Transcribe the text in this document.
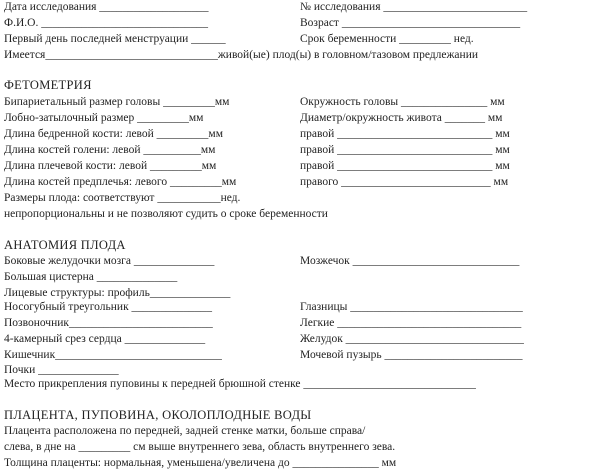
Дата исследования ___________________	№ исследования _________________________
Ф.И.О. _____________________________	Возраст _______________________________
Первый день последней менструации ______	Срок беременности _________ нед.
Имеется______________________________живой(ые) плод(ы) в головном/тазовом предлежании
ФЕТОМЕТРИЯ
Бипариетальный размер головы _________мм	Окружность головы _______________ мм
Лобно-затылочный размер _________мм	Диаметр/окружность живота _______ мм
Длина бедренной кости: левой _________мм	правой ___________________________ мм
Длина костей голени: левой __________мм	правой ___________________________ мм
Длина плечевой кости: левой _________мм	правой ___________________________ мм
Длина костей предплечья: левого _________мм	правого __________________________ мм
Размеры плода: соответствуют ___________нед.
непропорциональны и не позволяют судить о сроке беременности
АНАТОМИЯ ПЛОДА
Боковые желудочки мозга ______________	Мозжечок _____________________________
Большая цистерна ______________
Лицевые структуры: профиль______________
Носогубный треугольник ______________	Глазницы ______________________________
Позвоночник_________________________	Легкие ________________________________
4-камерный срез сердца ______________	Желудок _______________________________
Кишечник_____________________________	Мочевой пузырь ________________________
Почки ______________
Место прикрепления пуповины к передней брюшной стенке ______________________________
ПЛАЦЕНТА, ПУПОВИНА, ОКОЛОПЛОДНЫЕ ВОДЫ
Плацента расположена по передней, задней стенке матки, больше справа/
слева, в дне на _________ см выше внутреннего зева, область внутреннего зева.
Толщина плаценты: нормальная, уменьшена/увеличена до _______________ мм
